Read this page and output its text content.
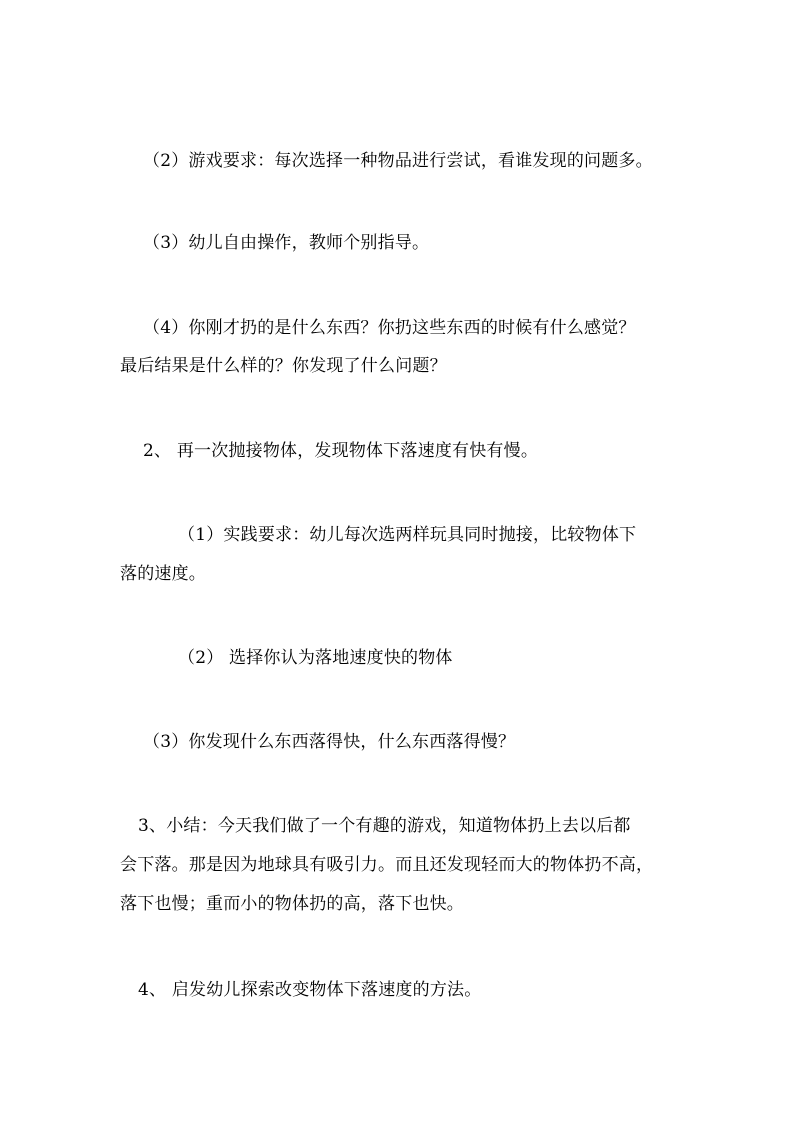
（2）游戏要求：每次选择一种物品进行尝试，看谁发现的问题多。
（3）幼儿自由操作，教师个别指导。
（4）你刚才扔的是什么东西？你扔这些东西的时候有什么感觉？
最后结果是什么样的？你发现了什么问题？
2、 再一次抛接物体，发现物体下落速度有快有慢。
（1）实践要求：幼儿每次选两样玩具同时抛接，比较物体下
落的速度。
（2） 选择你认为落地速度快的物体
（3）你发现什么东西落得快，什么东西落得慢？
3、小结：今天我们做了一个有趣的游戏，知道物体扔上去以后都
会下落。那是因为地球具有吸引力。而且还发现轻而大的物体扔不高，
落下也慢；重而小的物体扔的高，落下也快。
4、 启发幼儿探索改变物体下落速度的方法。
